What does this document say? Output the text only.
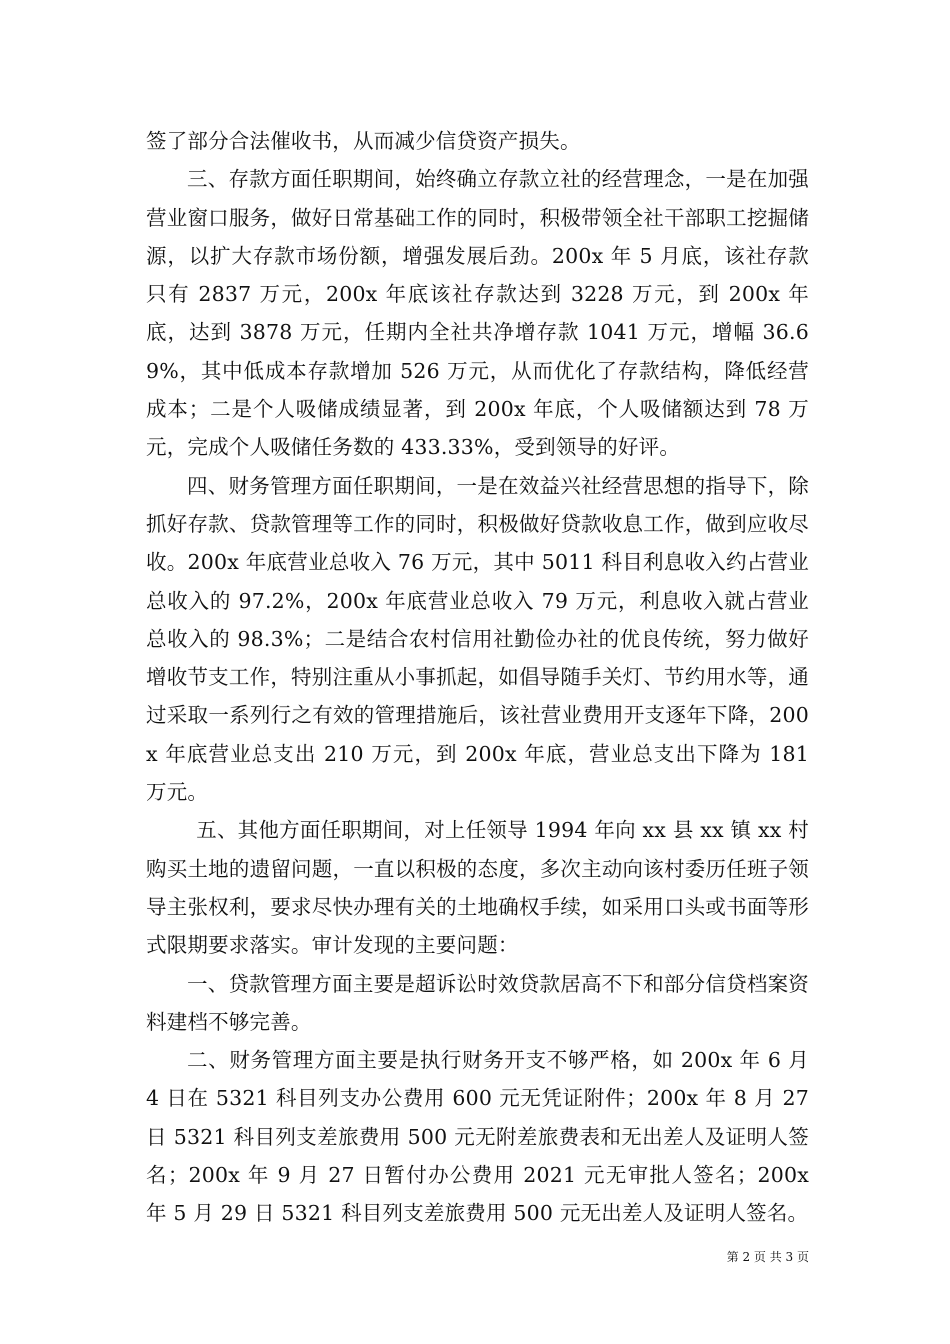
签了部分合法催收书，从而减少信贷资产损失。

三、存款方面任职期间，始终确立存款立社的经营理念，一是在加强营业窗口服务，做好日常基础工作的同时，积极带领全社干部职工挖掘储源，以扩大存款市场份额，增强发展后劲。200x 年 5 月底，该社存款只有 2837 万元，200x 年底该社存款达到 3228 万元，到 200x 年底，达到 3878 万元，任期内全社共净增存款 1041 万元，增幅 36.69%，其中低成本存款增加 526 万元，从而优化了存款结构，降低经营成本；二是个人吸储成绩显著，到 200x 年底，个人吸储额达到 78 万元，完成个人吸储任务数的 433.33%，受到领导的好评。

四、财务管理方面任职期间，一是在效益兴社经营思想的指导下，除抓好存款、贷款管理等工作的同时，积极做好贷款收息工作，做到应收尽收。200x 年底营业总收入 76 万元，其中 5011 科目利息收入约占营业总收入的 97.2%，200x 年底营业总收入 79 万元，利息收入就占营业总收入的 98.3%；二是结合农村信用社勤俭办社的优良传统，努力做好增收节支工作，特别注重从小事抓起，如倡导随手关灯、节约用水等，通过采取一系列行之有效的管理措施后，该社营业费用开支逐年下降，200x 年底营业总支出 210 万元，到 200x 年底，营业总支出下降为 181 万元。

五、其他方面任职期间，对上任领导 1994 年向 xx 县 xx 镇 xx 村购买土地的遗留问题，一直以积极的态度，多次主动向该村委历任班子领导主张权利，要求尽快办理有关的土地确权手续，如采用口头或书面等形式限期要求落实。审计发现的主要问题：

一、贷款管理方面主要是超诉讼时效贷款居高不下和部分信贷档案资料建档不够完善。

二、财务管理方面主要是执行财务开支不够严格，如 200x 年 6 月 4 日在 5321 科目列支办公费用 600 元无凭证附件；200x 年 8 月 27 日 5321 科目列支差旅费用 500 元无附差旅费表和无出差人及证明人签名；200x 年 9 月 27 日暂付办公费用 2021 元无审批人签名；200x 年 5 月 29 日 5321 科目列支差旅费用 500 元无出差人及证明人签名。

第 2 页 共 3 页
